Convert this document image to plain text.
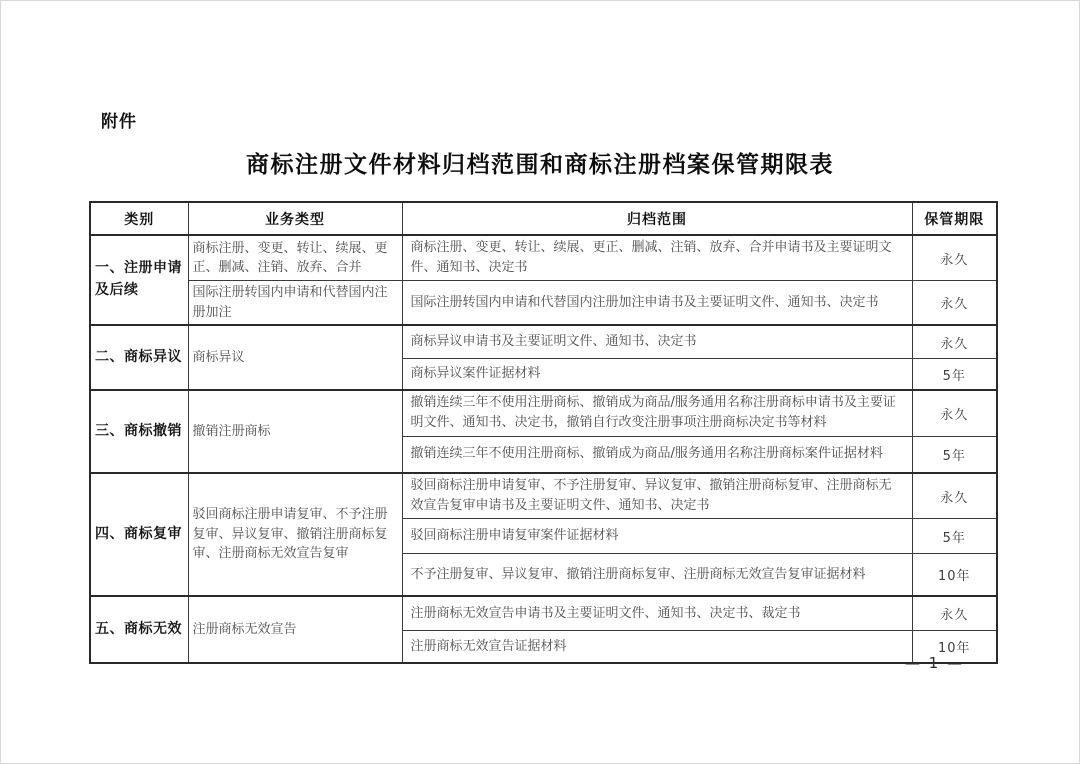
附件
商标注册文件材料归档范围和商标注册档案保管期限表
类别	业务类型	归档范围	保管期限
一、注册申请及后续	商标注册、变更、转让、续展、更正、删减、注销、放弃、合并	商标注册、变更、转让、续展、更正、删减、注销、放弃、合并申请书及主要证明文件、通知书、决定书	永久
	国际注册转国内申请和代替国内注册加注	国际注册转国内申请和代替国内注册加注申请书及主要证明文件、通知书、决定书	永久
二、商标异议	商标异议	商标异议申请书及主要证明文件、通知书、决定书	永久
		商标异议案件证据材料	5年
三、商标撤销	撤销注册商标	撤销连续三年不使用注册商标、撤销成为商品/服务通用名称注册商标申请书及主要证明文件、通知书、决定书，撤销自行改变注册事项注册商标决定书等材料	永久
		撤销连续三年不使用注册商标、撤销成为商品/服务通用名称注册商标案件证据材料	5年
四、商标复审	驳回商标注册申请复审、不予注册复审、异议复审、撤销注册商标复审、注册商标无效宣告复审	驳回商标注册申请复审、不予注册复审、异议复审、撤销注册商标复审、注册商标无效宣告复审申请书及主要证明文件、通知书、决定书	永久
		驳回商标注册申请复审案件证据材料	5年
		不予注册复审、异议复审、撤销注册商标复审、注册商标无效宣告复审证据材料	10年
五、商标无效	注册商标无效宣告	注册商标无效宣告申请书及主要证明文件、通知书、决定书、裁定书	永久
		注册商标无效宣告证据材料	10年
— 1 —
